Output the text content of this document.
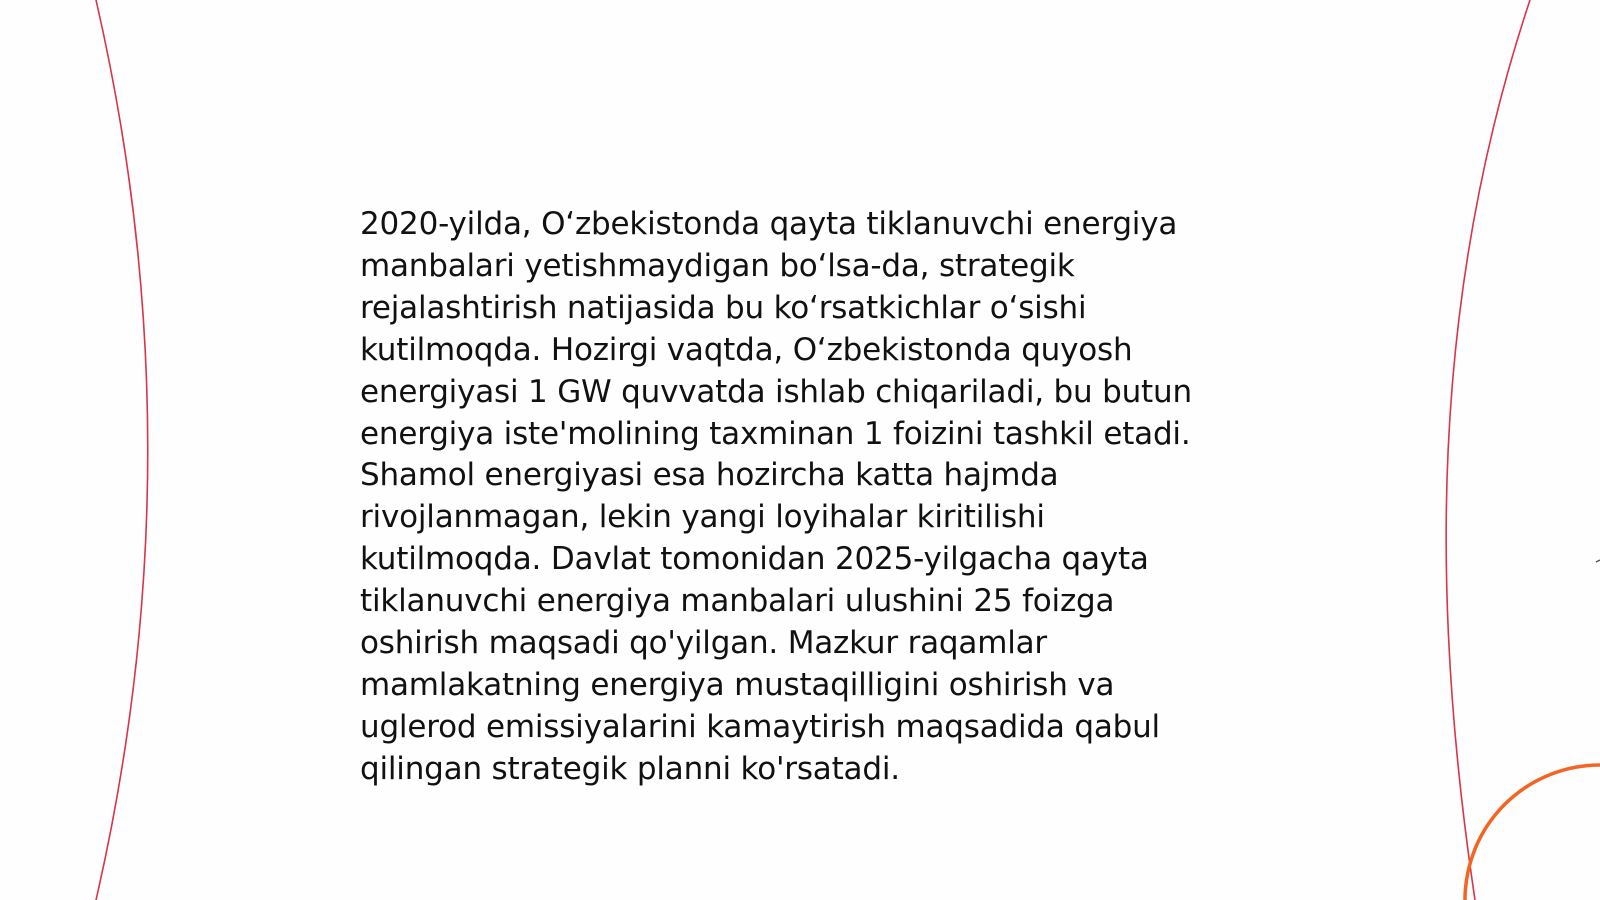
2020-yilda, O‘zbekistonda qayta tiklanuvchi energiya
manbalari yetishmaydigan bo‘lsa-da, strategik
rejalashtirish natijasida bu ko‘rsatkichlar o‘sishi
kutilmoqda. Hozirgi vaqtda, O‘zbekistonda quyosh
energiyasi 1 GW quvvatda ishlab chiqariladi, bu butun
energiya iste'molining taxminan 1 foizini tashkil etadi.
Shamol energiyasi esa hozircha katta hajmda
rivojlanmagan, lekin yangi loyihalar kiritilishi
kutilmoqda. Davlat tomonidan 2025-yilgacha qayta
tiklanuvchi energiya manbalari ulushini 25 foizga
oshirish maqsadi qo'yilgan. Mazkur raqamlar
mamlakatning energiya mustaqilligini oshirish va
uglerod emissiyalarini kamaytirish maqsadida qabul
qilingan strategik planni ko'rsatadi.
